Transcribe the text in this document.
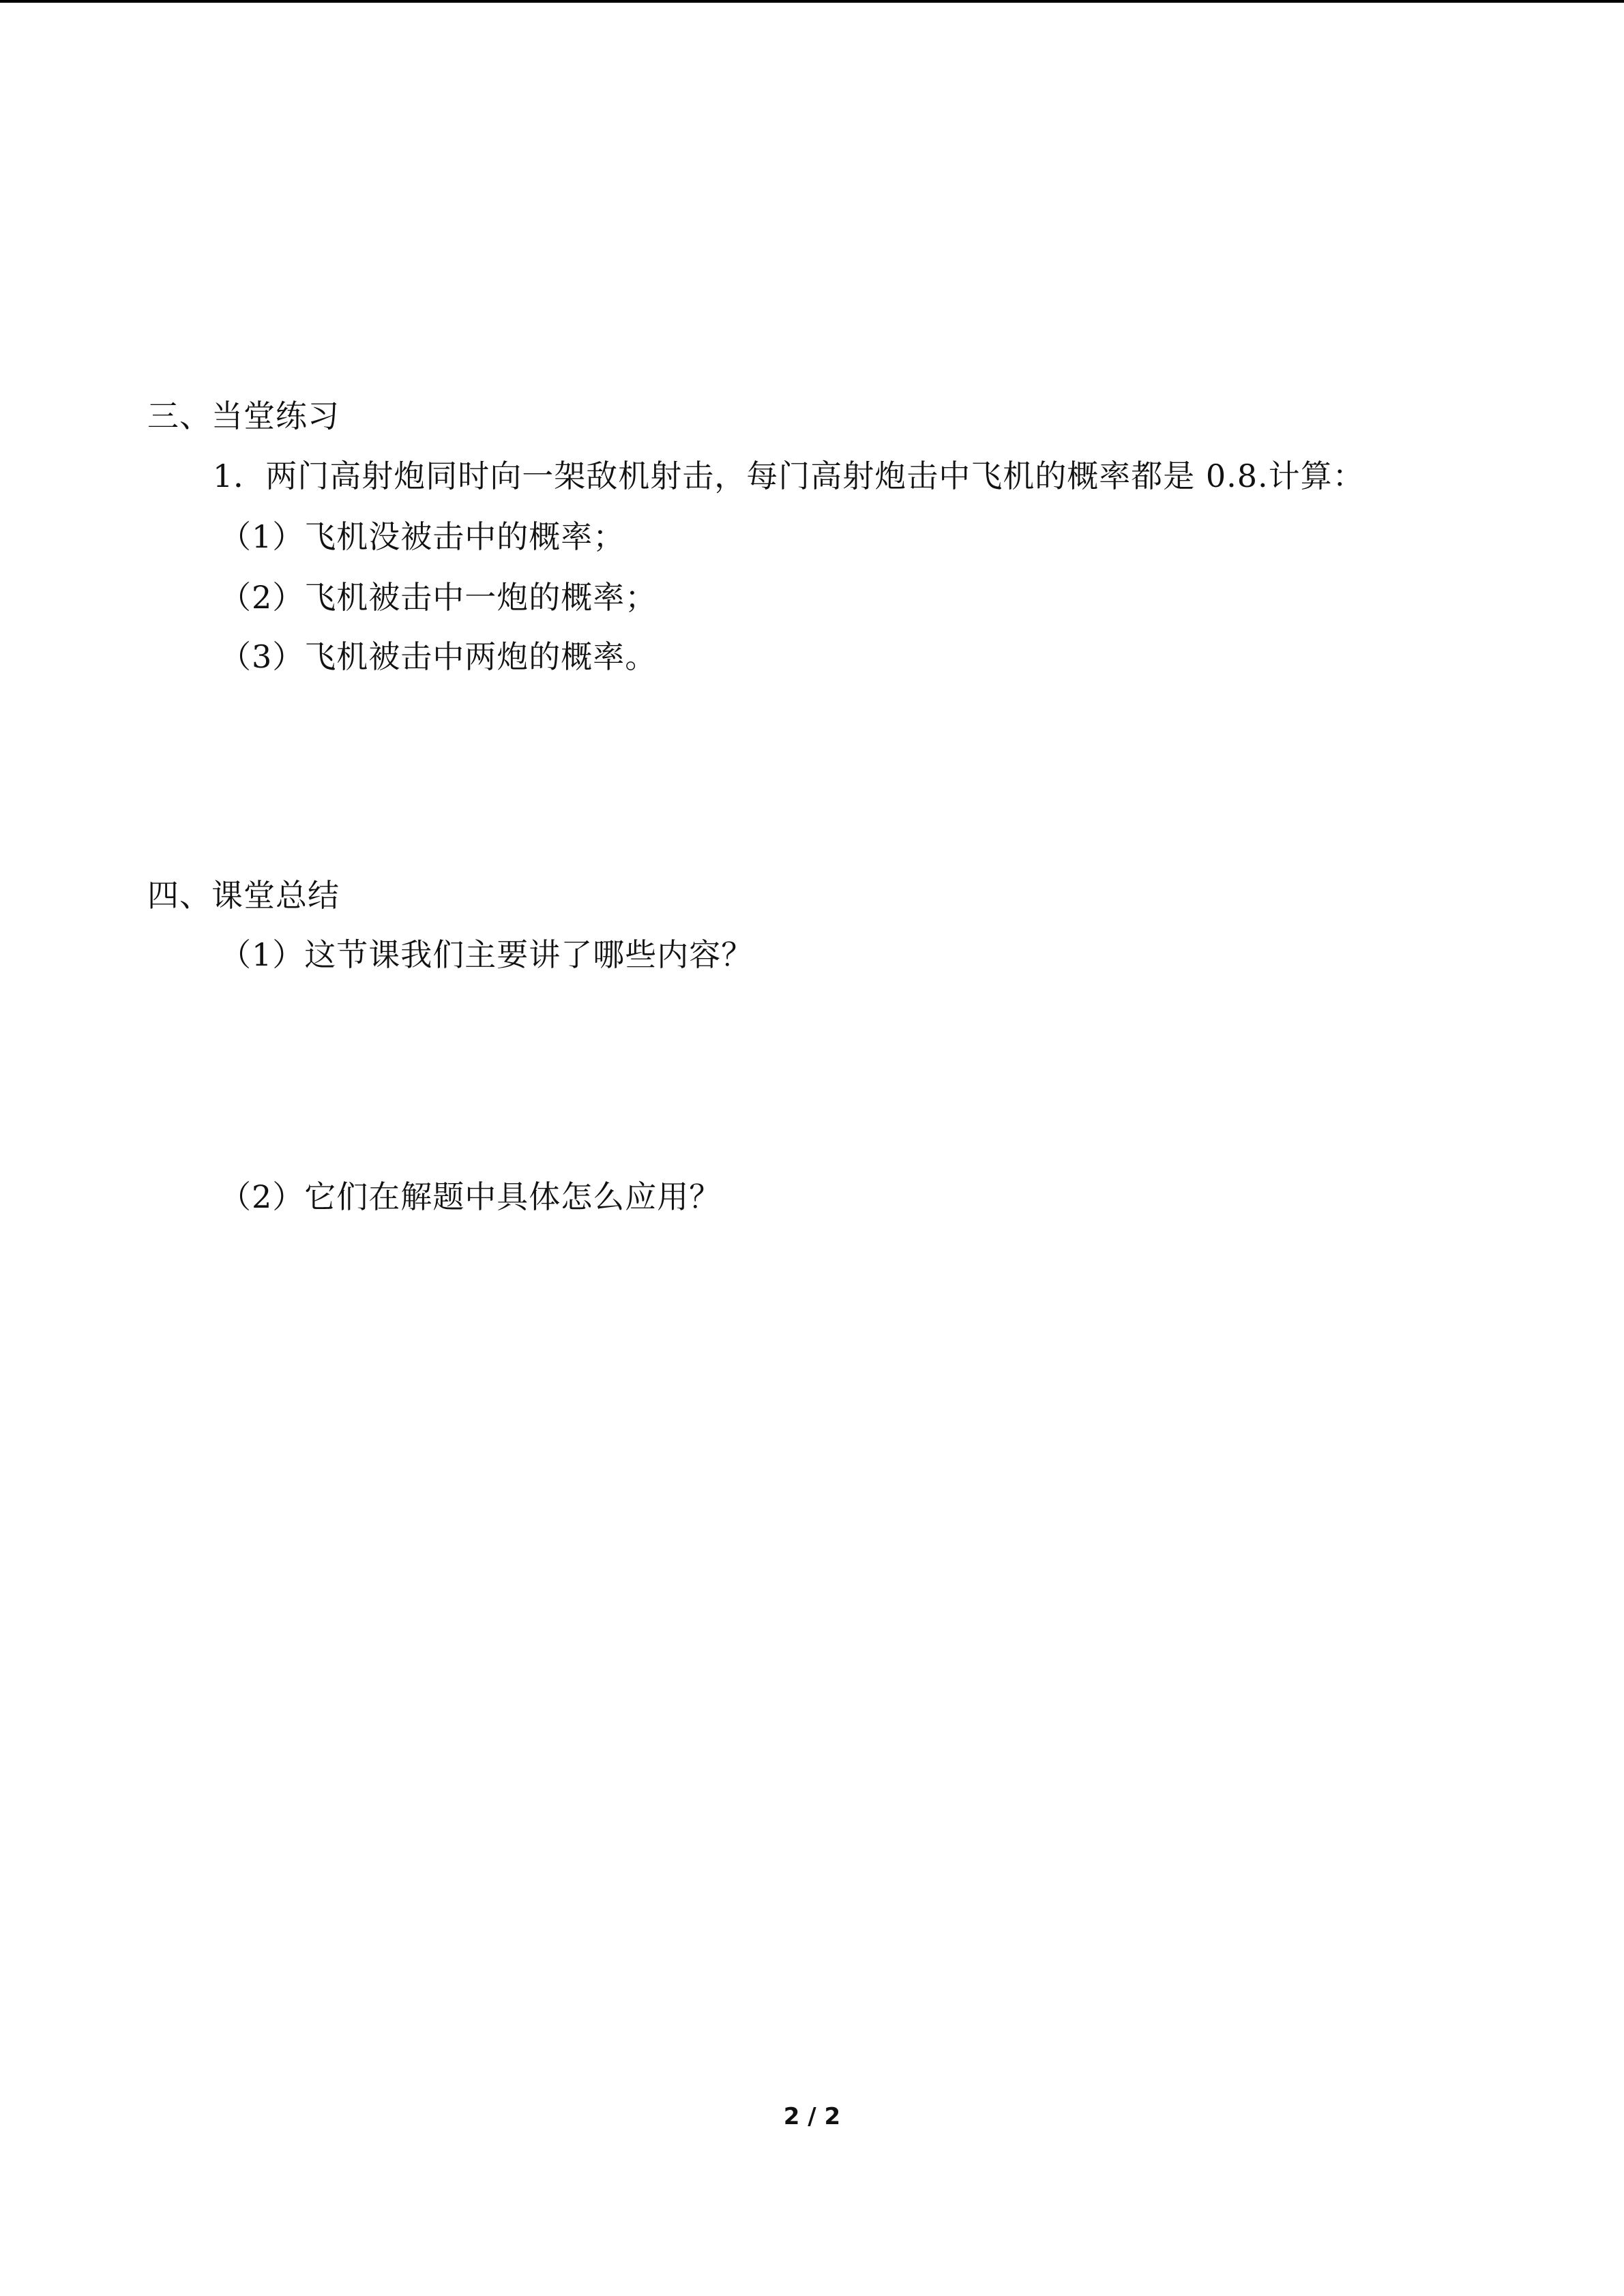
三、当堂练习
1．两门高射炮同时向一架敌机射击，每门高射炮击中飞机的概率都是 0.8.计算：
（1）飞机没被击中的概率；
（2）飞机被击中一炮的概率；
（3）飞机被击中两炮的概率。
四、课堂总结
（1）这节课我们主要讲了哪些内容？
（2）它们在解题中具体怎么应用？
2 / 2
